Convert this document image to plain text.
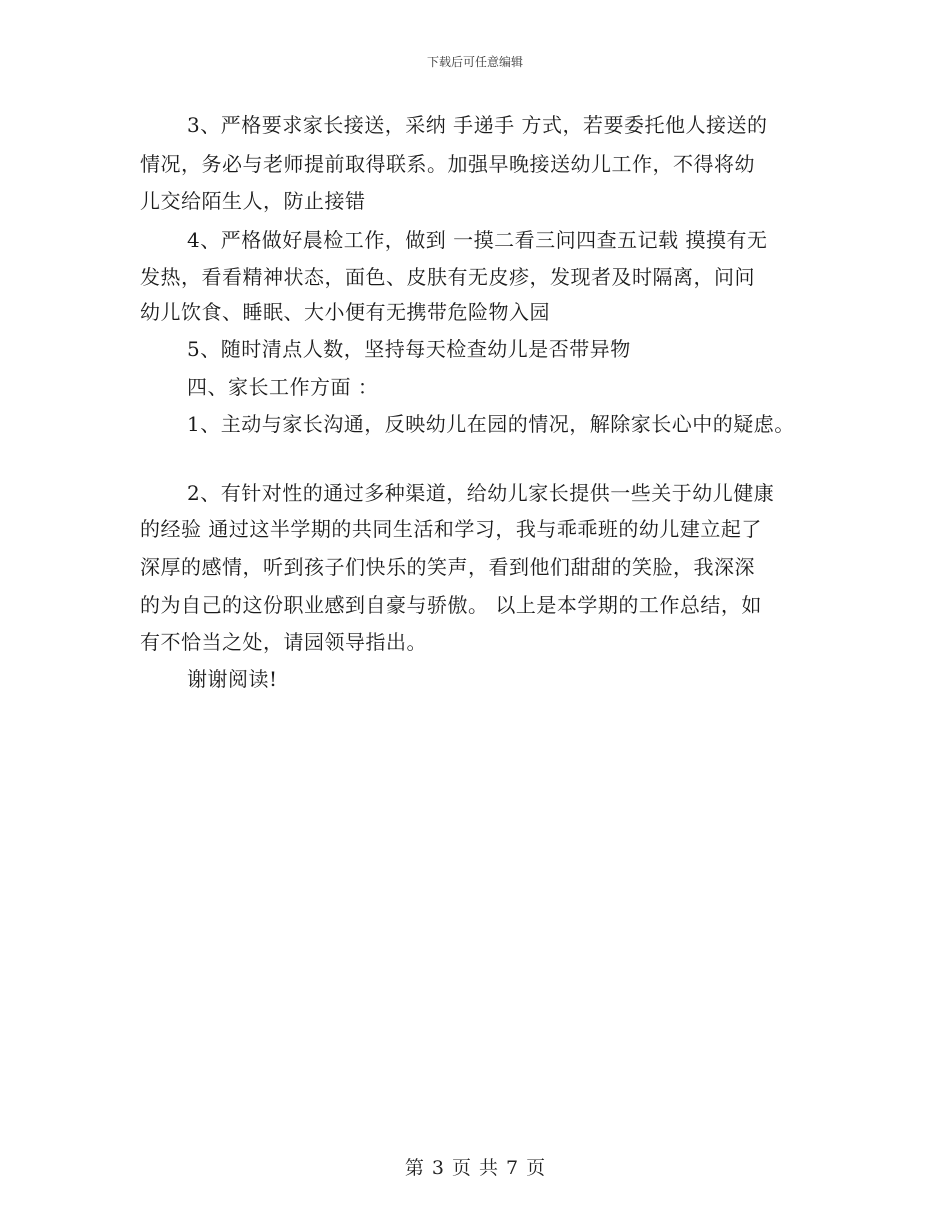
下载后可任意编辑
3、严格要求家长接送，采纳 手递手 方式，若要委托他人接送的
情况，务必与老师提前取得联系。加强早晚接送幼儿工作，不得将幼
儿交给陌生人，防止接错
4、严格做好晨检工作，做到 一摸二看三问四查五记载 摸摸有无
发热，看看精神状态，面色、皮肤有无皮疹，发现者及时隔离，问问
幼儿饮食、睡眠、大小便有无携带危险物入园
5、随时清点人数，坚持每天检查幼儿是否带异物
四、家长工作方面 ：
1、主动与家长沟通，反映幼儿在园的情况，解除家长心中的疑虑。
2、有针对性的通过多种渠道，给幼儿家长提供一些关于幼儿健康
的经验 通过这半学期的共同生活和学习，我与乖乖班的幼儿建立起了
深厚的感情，听到孩子们快乐的笑声，看到他们甜甜的笑脸，我深深
的为自己的这份职业感到自豪与骄傲。 以上是本学期的工作总结，如
有不恰当之处，请园领导指出。
谢谢阅读!
第 3 页 共 7 页
